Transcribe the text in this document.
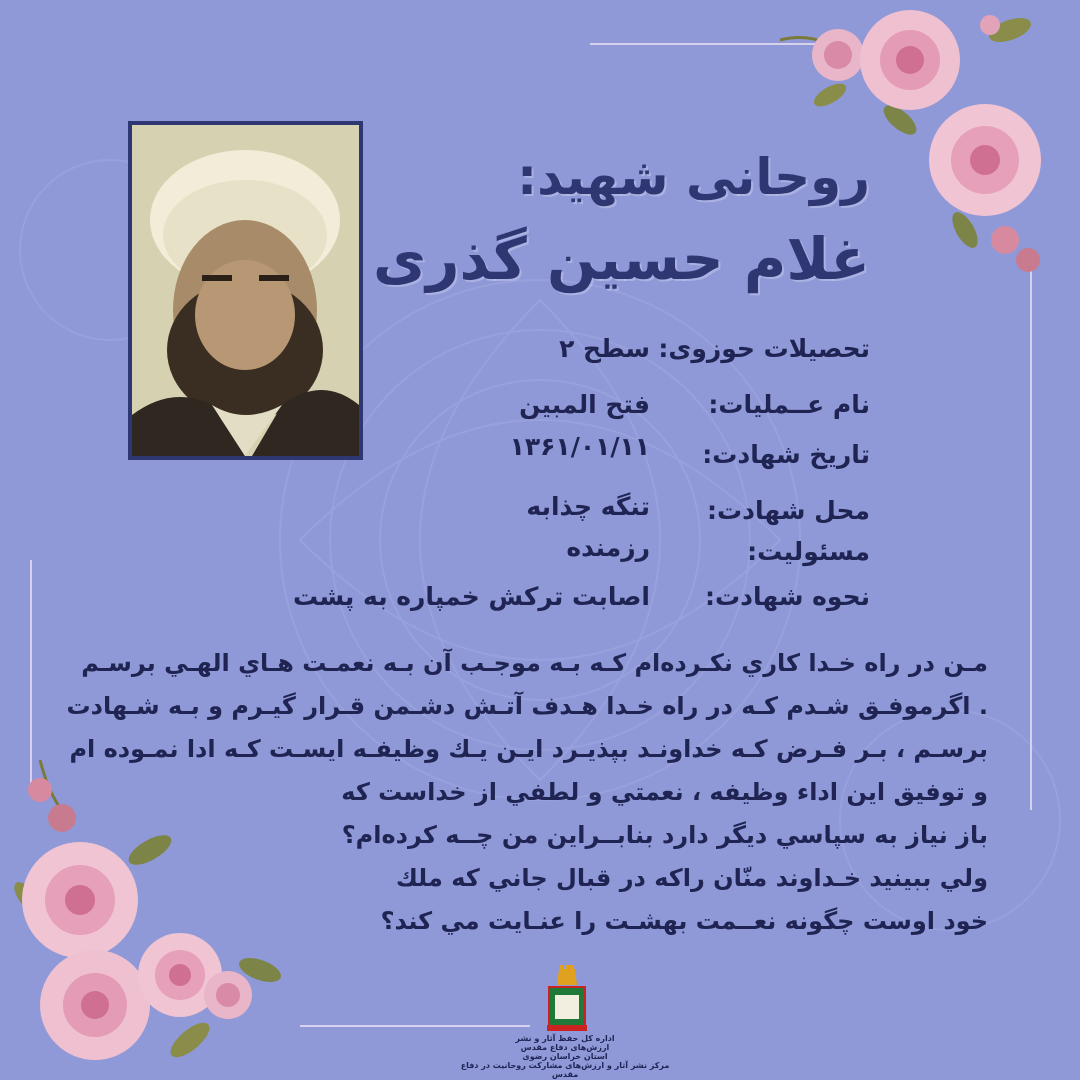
روحانی شهید:
غلام حسین گذری
تحصیلات حوزوی:
سطح ۲
نام عــملیات:
فتح المبین
تاریخ شهادت:
۱۳۶۱/۰۱/۱۱
محل شهادت:
تنگه چذابه
مسئولیت:
رزمنده
نحوه شهادت:
اصابت ترکش خمپاره به پشت
مـن در راه خـدا كاري نكـرده‌ام كـه بـه موجـب آن بـه نعمـت هـاي الهـي برسـم
. اگرموفـق شـدم كـه در راه خـدا هـدف آتـش دشـمن قـرار گيـرم و بـه شـهادت
برسـم ، بـر فـرض كـه خداونـد بپذيـرد ايـن يـك وظيفـه ايسـت كـه ادا نمـوده ام
و توفيق اين اداء وظيفه ، نعمتي و لطفي از خداست كه
باز نياز به سپاسي ديگر دارد بنابــراين من چــه كرده‌ام؟
ولي ببينيد خـداوند منّان راكه در قبال جاني كه ملك
خود اوست چگونه نعــمت بهشـت را عنـايت مي كند؟
اداره کل حفظ آثار و نشر
ارزش‌های دفاع مقدس
استان خراسان رضوی
مرکز نشر آثار و ارزش‌های مشارکت روحانیت در دفاع مقدس
